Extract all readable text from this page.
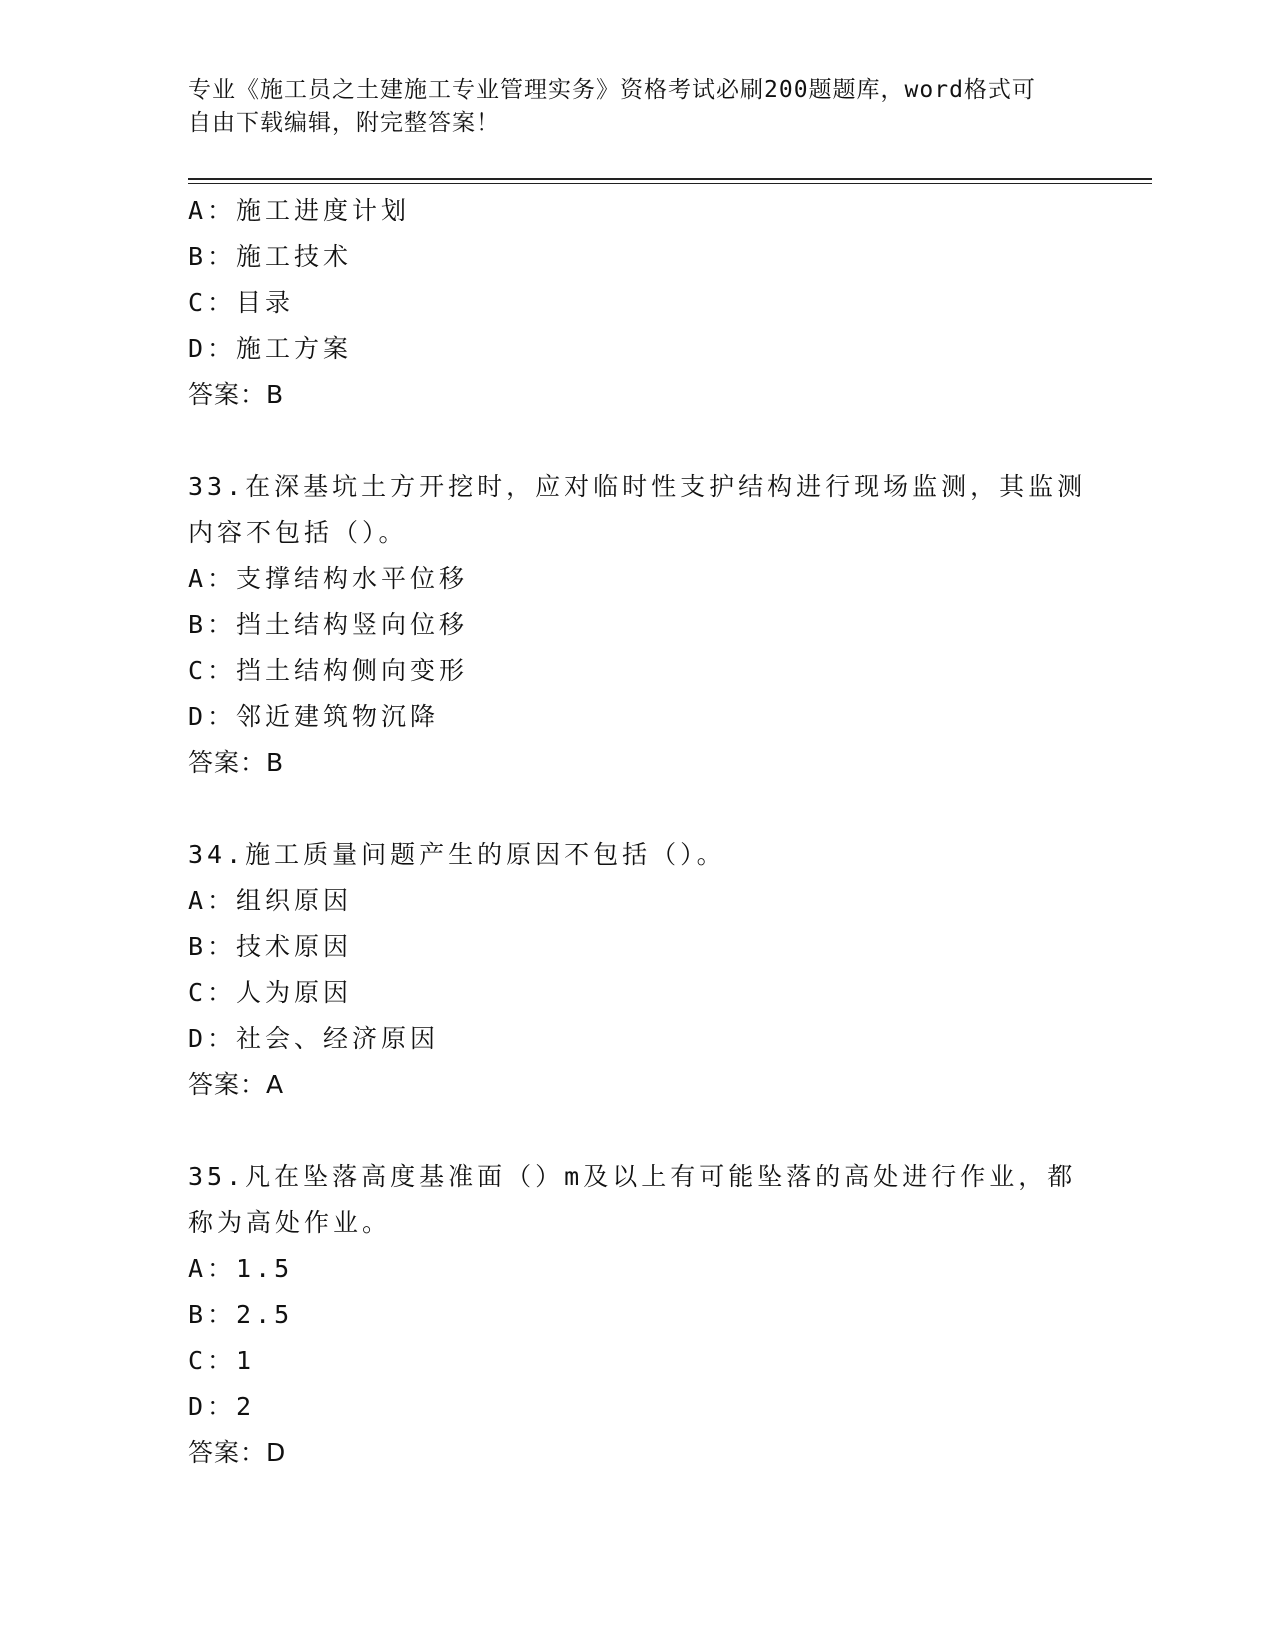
专业《施工员之土建施工专业管理实务》资格考试必刷200题题库，word格式可
自由下载编辑，附完整答案！
A：施工进度计划
B：施工技术
C：目录
D：施工方案
答案：B
33.在深基坑土方开挖时，应对临时性支护结构进行现场监测，其监测
内容不包括（）。
A：支撑结构水平位移
B：挡土结构竖向位移
C：挡土结构侧向变形
D：邻近建筑物沉降
答案：B
34.施工质量问题产生的原因不包括（）。
A：组织原因
B：技术原因
C：人为原因
D：社会、经济原因
答案：A
35.凡在坠落高度基准面（）m及以上有可能坠落的高处进行作业，都
称为高处作业。
A：1.5
B：2.5
C：1
D：2
答案：D
